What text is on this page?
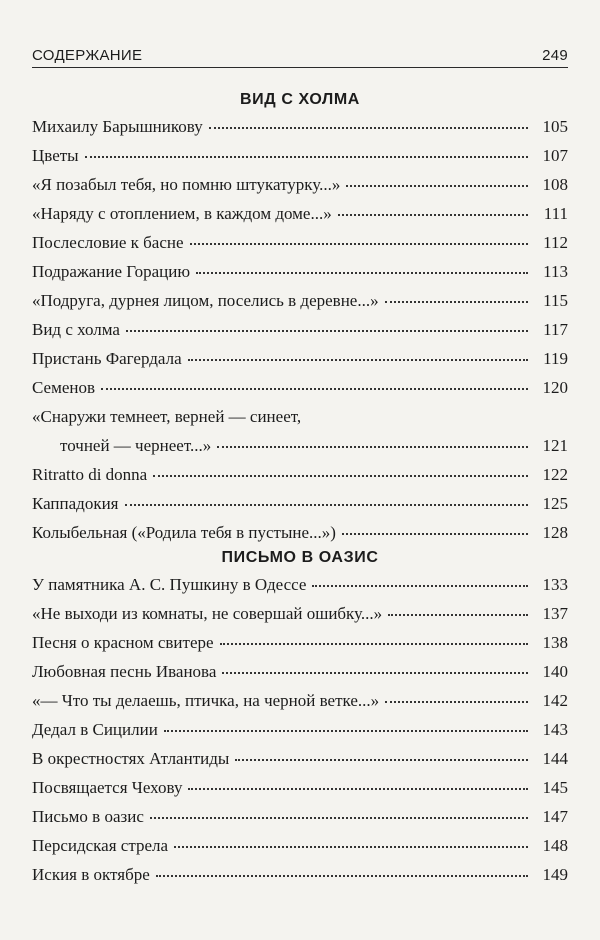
СОДЕРЖАНИЕ	249
ВИД С ХОЛМА
Михаилу Барышникову	105
Цветы	107
«Я позабыл тебя, но помню штукатурку...»	108
«Наряду с отоплением, в каждом доме...»	111
Послесловие к басне	112
Подражание Горацию	113
«Подруга, дурнея лицом, поселись в деревне...»	115
Вид с холма	117
Пристань Фагердала	119
Семенов	120
«Снаружи темнеет, верней — синеет,
точней — чернеет...»	121
Ritratto di donna	122
Каппадокия	125
Колыбельная («Родила тебя в пустыне...»)	128
ПИСЬМО В ОАЗИС
У памятника А. С. Пушкину в Одессе	133
«Не выходи из комнаты, не совершай ошибку...»	137
Песня о красном свитере	138
Любовная песнь Иванова	140
«— Что ты делаешь, птичка, на черной ветке...»	142
Дедал в Сицилии	143
В окрестностях Атлантиды	144
Посвящается Чехову	145
Письмо в оазис	147
Персидская стрела	148
Иския в октябре	149
